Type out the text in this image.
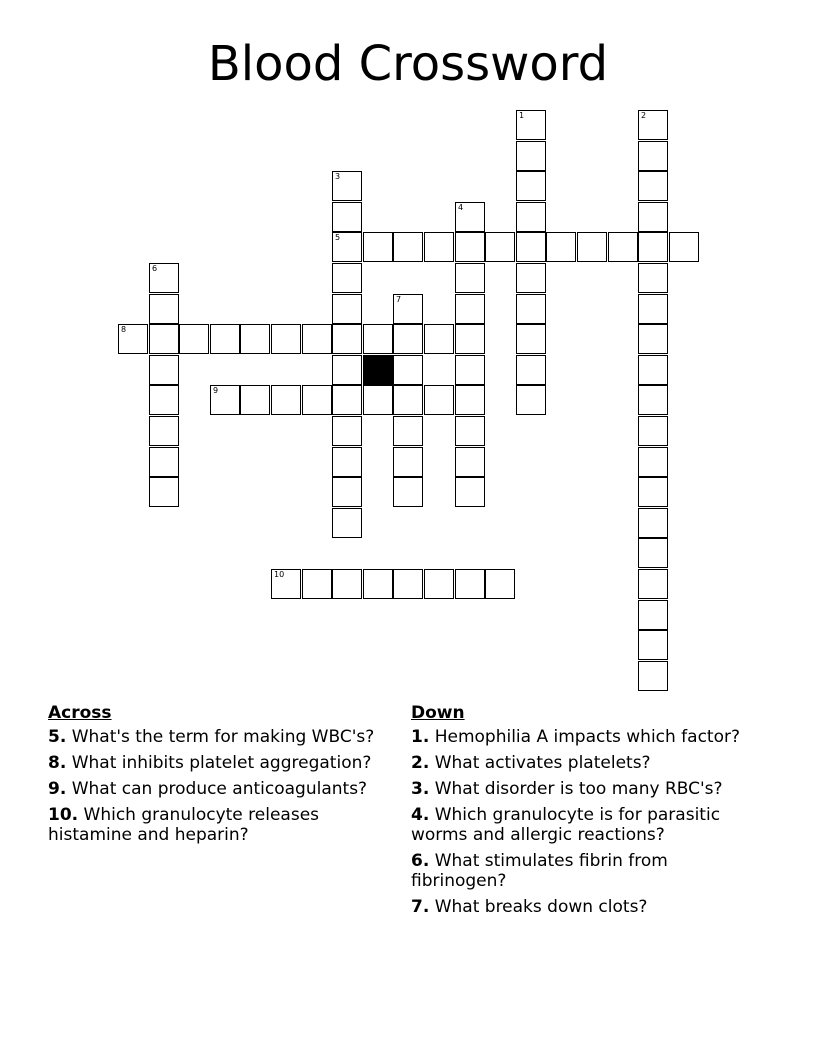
Blood Crossword
5
8
9
10
1	2
3
4
6
7
Across
5. What's the term for making WBC's?
8. What inhibits platelet aggregation?
9. What can produce anticoagulants?
10. Which granulocyte releases histamine and heparin?
Down
1. Hemophilia A impacts which factor?
2. What activates platelets?
3. What disorder is too many RBC's?
4. Which granulocyte is for parasitic worms and allergic reactions?
6. What stimulates fibrin from fibrinogen?
7. What breaks down clots?
